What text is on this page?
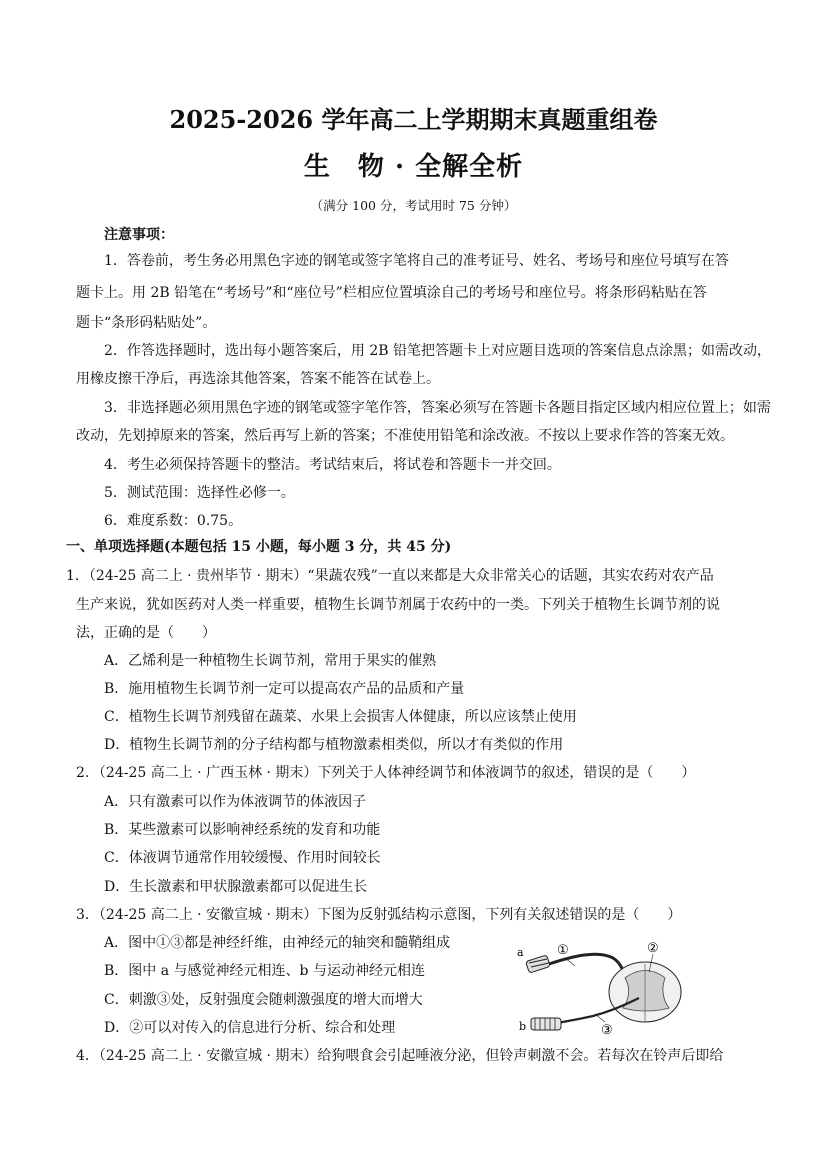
2025-2026 学年高二上学期期末真题重组卷
生　物 · 全解全析
（满分 100 分，考试用时 75 分钟）
注意事项：
1．答卷前，考生务必用黑色字迹的钢笔或签字笔将自己的准考证号、姓名、考场号和座位号填写在答
题卡上。用 2B 铅笔在“考场号”和“座位号”栏相应位置填涂自己的考场号和座位号。将条形码粘贴在答
题卡“条形码粘贴处”。
2．作答选择题时，选出每小题答案后，用 2B 铅笔把答题卡上对应题目选项的答案信息点涂黑；如需改动，
用橡皮擦干净后，再选涂其他答案，答案不能答在试卷上。
3．非选择题必须用黑色字迹的钢笔或签字笔作答，答案必须写在答题卡各题目指定区域内相应位置上；如需
改动，先划掉原来的答案，然后再写上新的答案；不准使用铅笔和涂改液。不按以上要求作答的答案无效。
4．考生必须保持答题卡的整洁。考试结束后，将试卷和答题卡一并交回。
5．测试范围：选择性必修一。
6．难度系数：0.75。
一、单项选择题(本题包括 15 小题，每小题 3 分，共 45 分)
1．（24-25 高二上 · 贵州毕节 · 期末）“果蔬农残”一直以来都是大众非常关心的话题，其实农药对农产品
生产来说，犹如医药对人类一样重要，植物生长调节剂属于农药中的一类。下列关于植物生长调节剂的说
法，正确的是（　　）
A．乙烯利是一种植物生长调节剂，常用于果实的催熟
B．施用植物生长调节剂一定可以提高农产品的品质和产量
C．植物生长调节剂残留在蔬菜、水果上会损害人体健康，所以应该禁止使用
D．植物生长调节剂的分子结构都与植物激素相类似，所以才有类似的作用
2．（24-25 高二上 · 广西玉林 · 期末）下列关于人体神经调节和体液调节的叙述，错误的是（　　）
A．只有激素可以作为体液调节的体液因子
B．某些激素可以影响神经系统的发育和功能
C．体液调节通常作用较缓慢、作用时间较长
D．生长激素和甲状腺激素都可以促进生长
3．（24-25 高二上 · 安徽宣城 · 期末）下图为反射弧结构示意图，下列有关叙述错误的是（　　）
A．图中①③都是神经纤维，由神经元的轴突和髓鞘组成
B．图中 a 与感觉神经元相连、b 与运动神经元相连
C．刺激③处，反射强度会随刺激强度的增大而增大
D．②可以对传入的信息进行分析、综合和处理
a	①	②
b	③
4．（24-25 高二上 · 安徽宣城 · 期末）给狗喂食会引起唾液分泌，但铃声刺激不会。若每次在铃声后即给
